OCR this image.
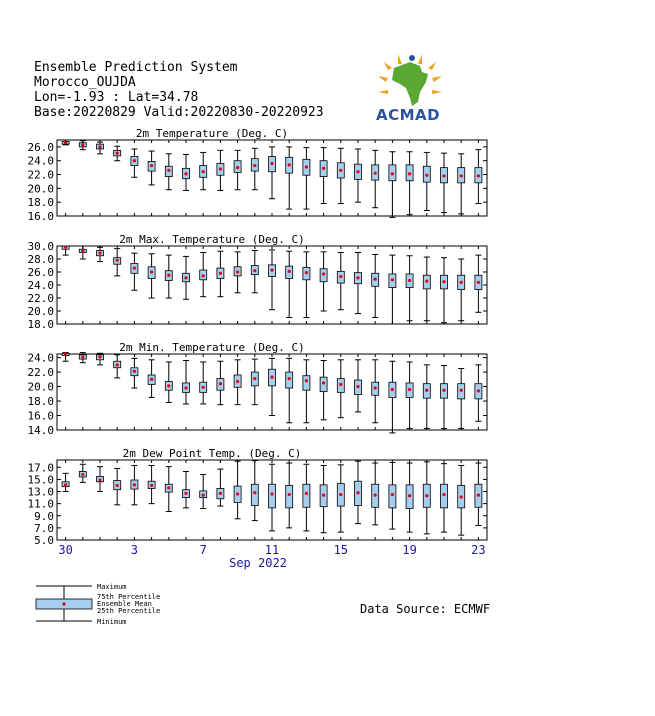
Ensemble Prediction System
Morocco_OUJDA
Lon=-1.93 : Lat=34.78
Base:20220829 Valid:20220830-20220923	ACMAD
26.0
24.0
22.0
20.0
18.0
16.0
2m Temperature (Deg. C)
30.0
28.0
26.0
24.0
22.0
20.0
18.0
2m Max. Temperature (Deg. C)
24.0
22.0
20.0
18.0
16.0
14.0
2m Min. Temperature (Deg. C)
17.0
15.0
13.0
11.0
9.0
7.0
5.0
2m Dew Point Temp. (Deg. C)
30	3	7	11	15	19	23
Sep 2022
Maximum
75th Percentile
Ensemble Mean
25th Percentile
Minimum
Data Source: ECMWF
